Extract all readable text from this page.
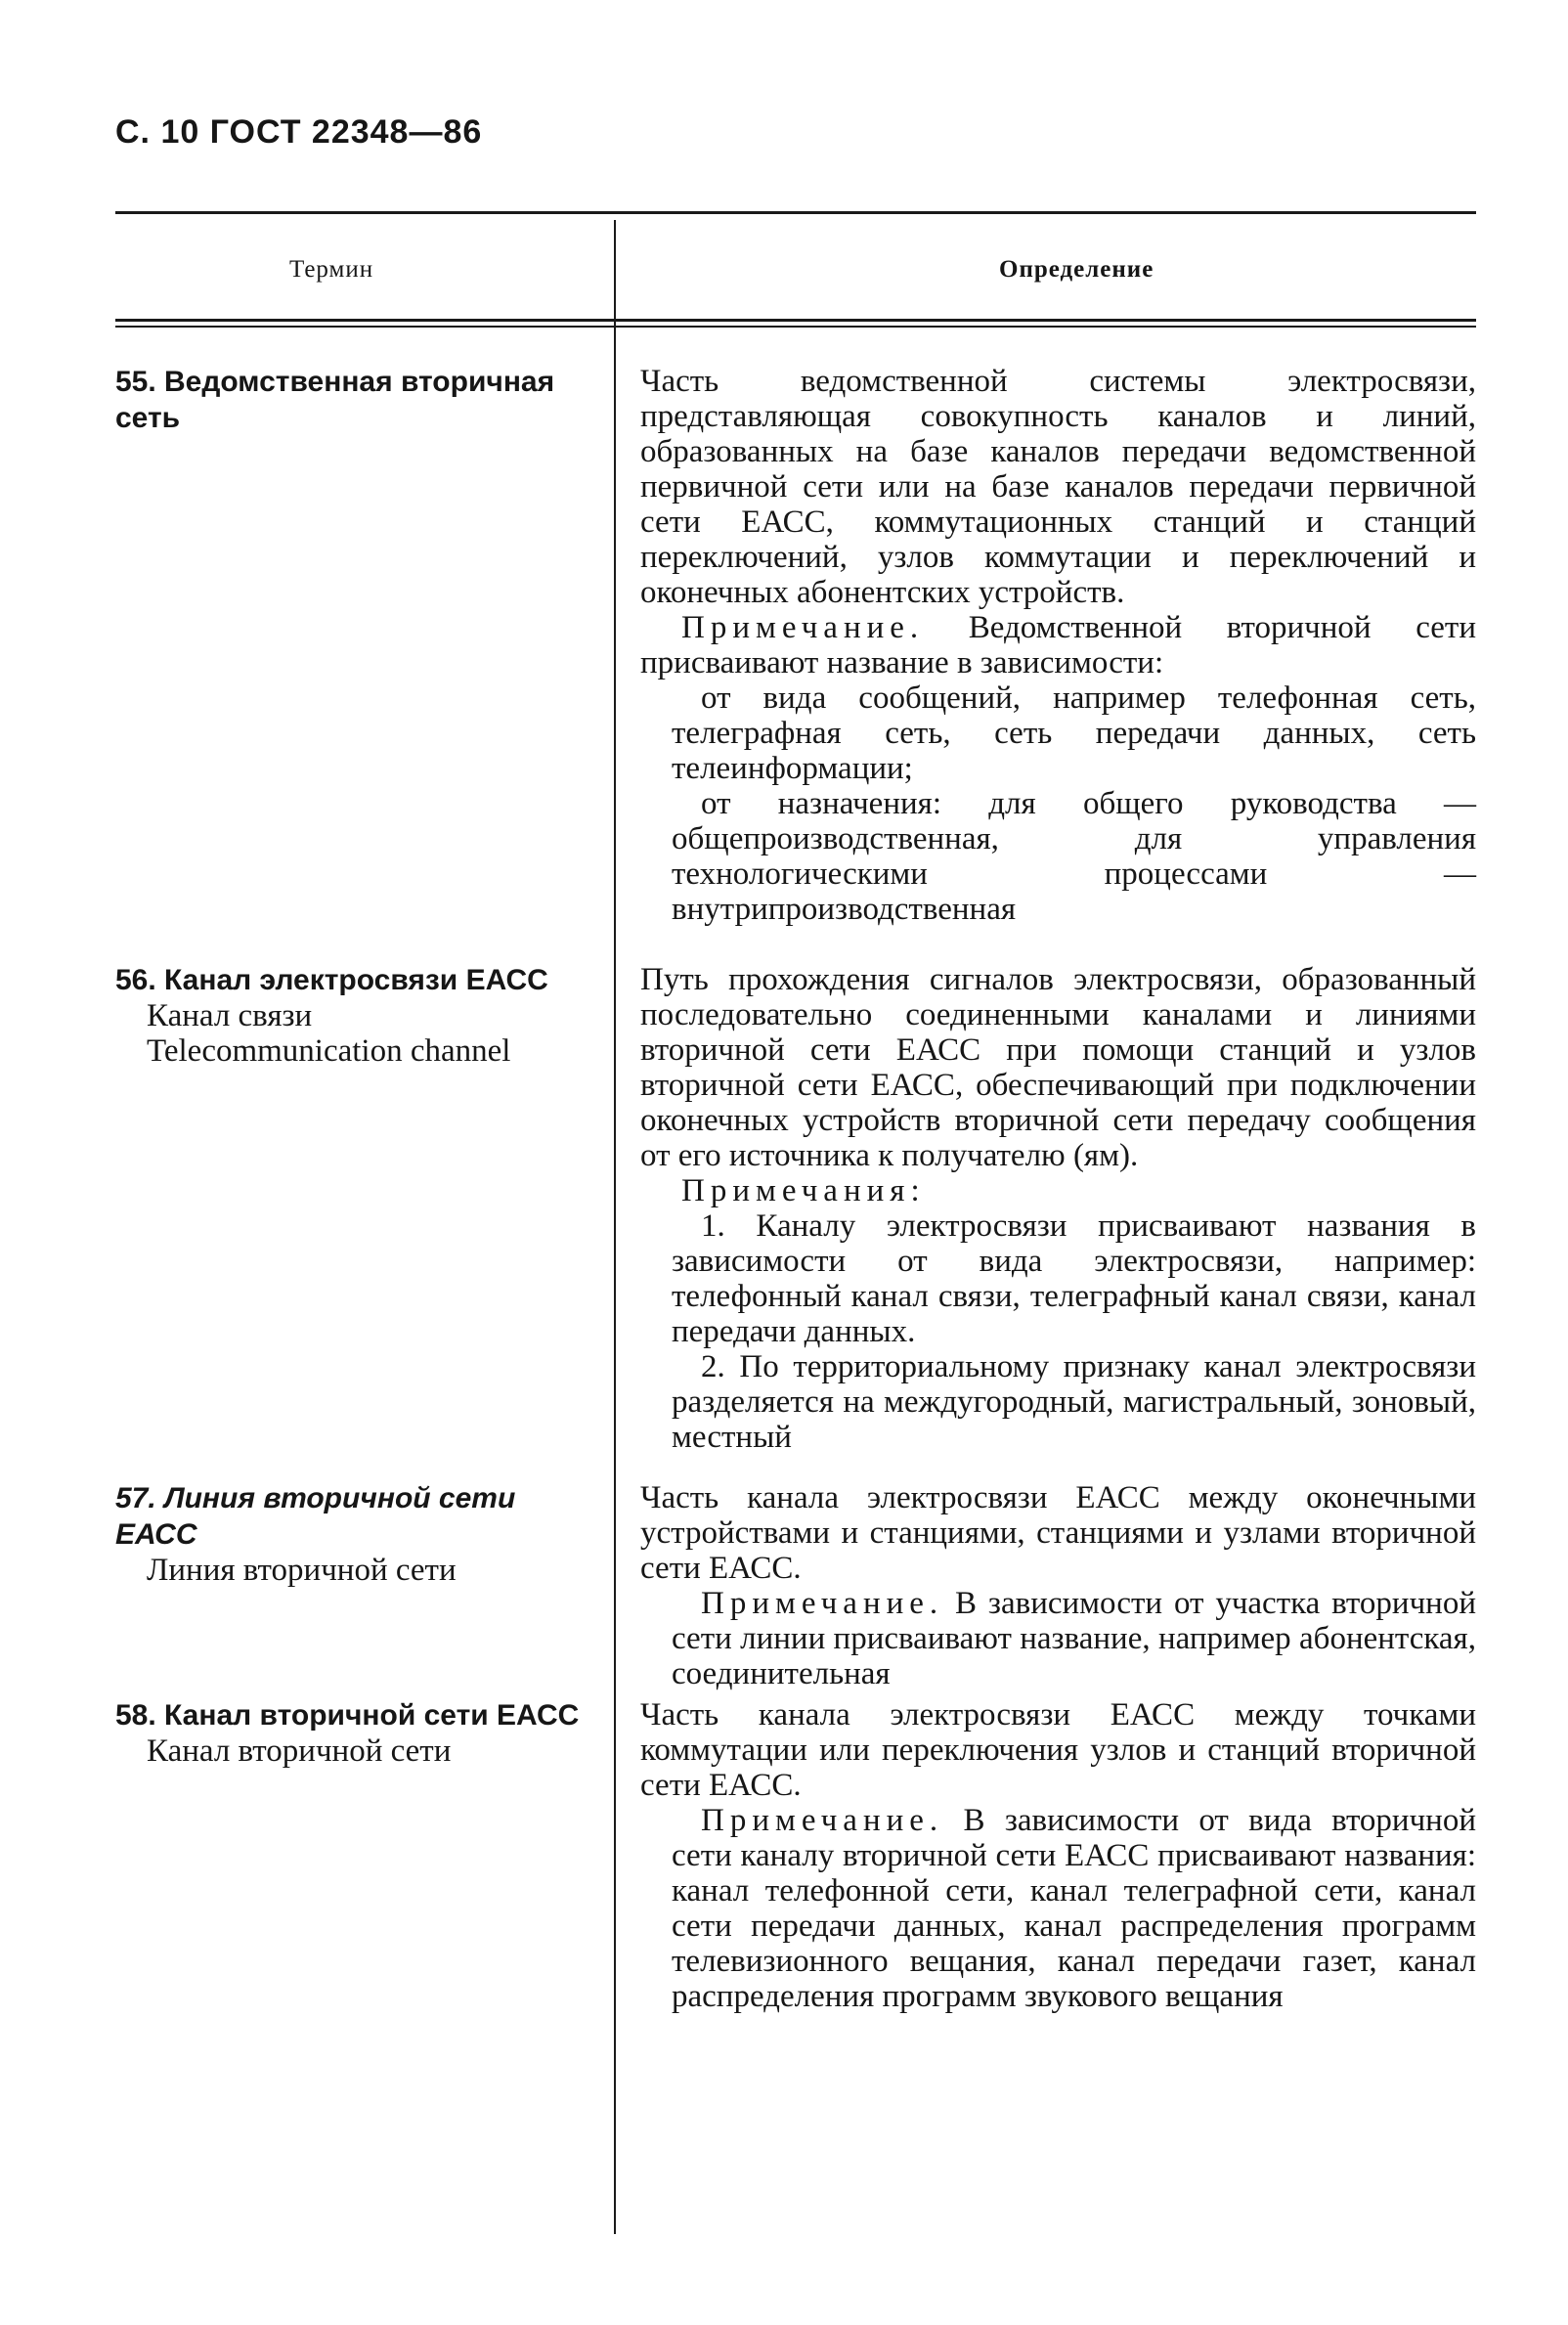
С. 10 ГОСТ 22348—86
Термин	Определение
55. Ведомственная вторичная сеть

Часть ведомственной системы электросвязи, представляющая совокупность каналов и линий, образованных на базе каналов передачи ведомственной первичной сети или на базе каналов передачи первичной сети ЕАСС, коммутационных станций и станций переключений, узлов коммутации и переключений и оконечных абонентских устройств.

Примечание. Ведомственной вторичной сети присваивают название в зависимости:

от вида сообщений, например телефонная сеть, телеграфная сеть, сеть передачи данных, сеть телеинформации;

от назначения: для общего руководства — общепроизводственная, для управления технологическими процессами — внутрипроизводственная

56. Канал электросвязи ЕАСС
Канал связи
Telecommunication channel

Путь прохождения сигналов электросвязи, образованный последовательно соединенными каналами и линиями вторичной сети ЕАСС при помощи станций и узлов вторичной сети ЕАСС, обеспечивающий при подключении оконечных устройств вторичной сети передачу сообщения от его источника к получателю (ям).

Примечания:

1. Каналу электросвязи присваивают названия в зависимости от вида электросвязи, например: телефонный канал связи, телеграфный канал связи, канал передачи данных.

2. По территориальному признаку канал электросвязи разделяется на междугородный, магистральный, зоновый, местный

57. Линия вторичной сети ЕАСС
Линия вторичной сети

Часть канала электросвязи ЕАСС между оконечными устройствами и станциями, станциями и узлами вторичной сети ЕАСС.

Примечание. В зависимости от участка вторичной сети линии присваивают название, например абонентская, соединительная

58. Канал вторичной сети ЕАСС
Канал вторичной сети

Часть канала электросвязи ЕАСС между точками коммутации или переключения узлов и станций вторичной сети ЕАСС.

Примечание. В зависимости от вида вторичной сети каналу вторичной сети ЕАСС присваивают названия: канал телефонной сети, канал телеграфной сети, канал сети передачи данных, канал распределения программ телевизионного вещания, канал передачи газет, канал распределения программ звукового вещания
